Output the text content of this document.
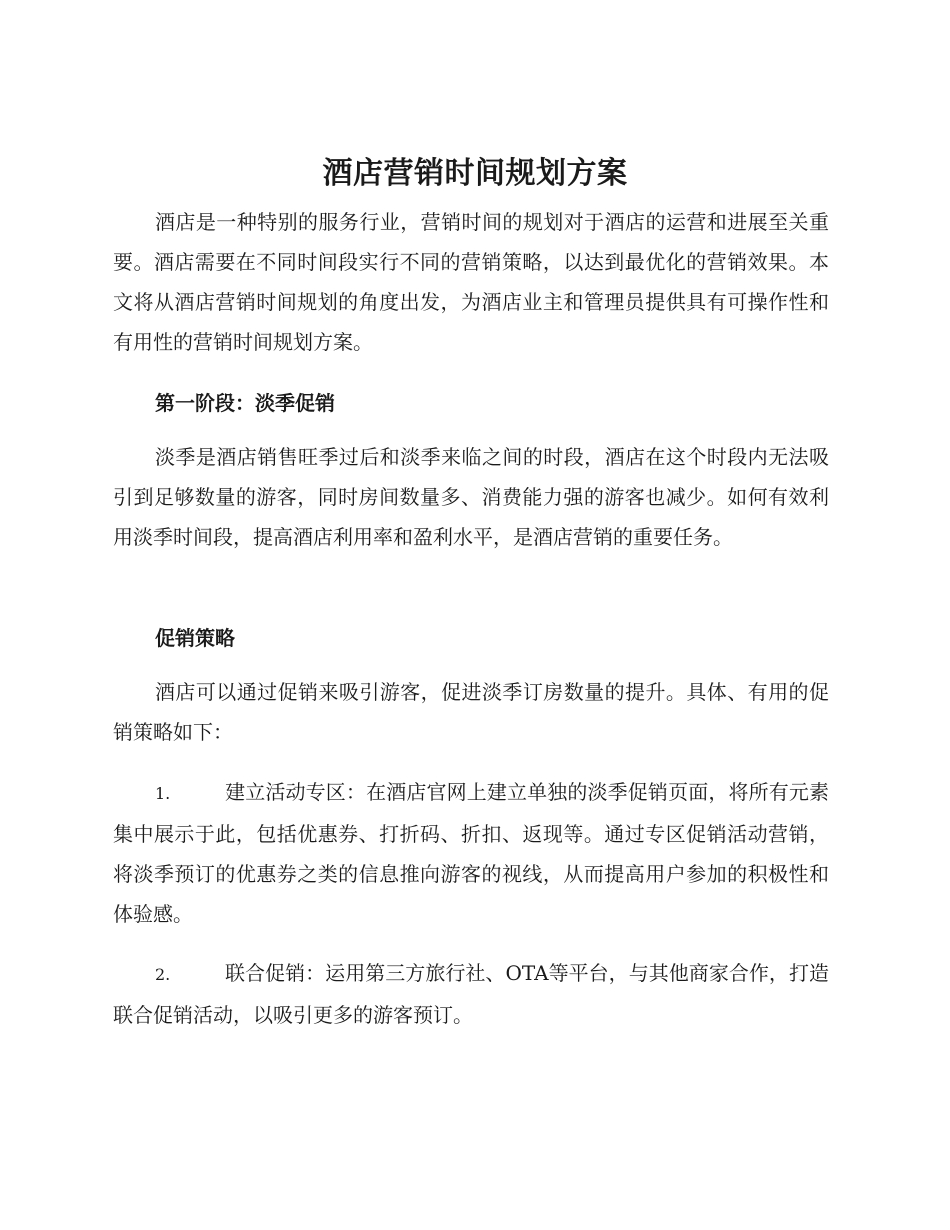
酒店营销时间规划方案

酒店是一种特别的服务行业，营销时间的规划对于酒店的运营和进展至关重要。酒店需要在不同时间段实行不同的营销策略，以达到最优化的营销效果。本文将从酒店营销时间规划的角度出发，为酒店业主和管理员提供具有可操作性和有用性的营销时间规划方案。

第一阶段：淡季促销

淡季是酒店销售旺季过后和淡季来临之间的时段，酒店在这个时段内无法吸引到足够数量的游客，同时房间数量多、消费能力强的游客也减少。如何有效利用淡季时间段，提高酒店利用率和盈利水平，是酒店营销的重要任务。

促销策略

酒店可以通过促销来吸引游客，促进淡季订房数量的提升。具体、有用的促销策略如下：

1.	建立活动专区：在酒店官网上建立单独的淡季促销页面，将所有元素集中展示于此，包括优惠券、打折码、折扣、返现等。通过专区促销活动营销，将淡季预订的优惠券之类的信息推向游客的视线，从而提高用户参加的积极性和体验感。

2.	联合促销：运用第三方旅行社、OTA等平台，与其他商家合作，打造联合促销活动，以吸引更多的游客预订。
